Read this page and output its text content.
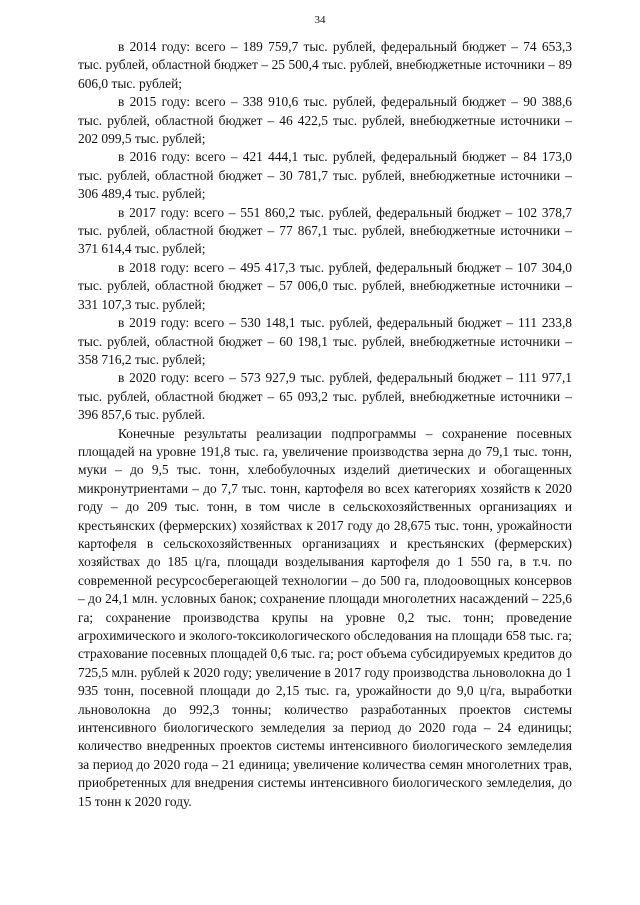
34

в 2014 году: всего – 189 759,7 тыс. рублей, федеральный бюджет – 74 653,3 тыс. рублей, областной бюджет – 25 500,4 тыс. рублей, внебюджетные источники – 89 606,0 тыс. рублей;

в 2015 году: всего – 338 910,6 тыс. рублей, федеральный бюджет – 90 388,6 тыс. рублей, областной бюджет – 46 422,5 тыс. рублей, внебюджетные источники – 202 099,5 тыс. рублей;

в 2016 году: всего – 421 444,1 тыс. рублей, федеральный бюджет – 84 173,0 тыс. рублей, областной бюджет – 30 781,7 тыс. рублей, внебюджетные источники – 306 489,4 тыс. рублей;

в 2017 году: всего – 551 860,2 тыс. рублей, федеральный бюджет – 102 378,7 тыс. рублей, областной бюджет – 77 867,1 тыс. рублей, внебюджетные источники – 371 614,4 тыс. рублей;

в 2018 году: всего – 495 417,3 тыс. рублей, федеральный бюджет – 107 304,0 тыс. рублей, областной бюджет – 57 006,0 тыс. рублей, внебюджетные источники – 331 107,3 тыс. рублей;

в 2019 году: всего – 530 148,1 тыс. рублей, федеральный бюджет – 111 233,8 тыс. рублей, областной бюджет – 60 198,1 тыс. рублей, внебюджетные источники – 358 716,2 тыс. рублей;

в 2020 году: всего – 573 927,9 тыс. рублей, федеральный бюджет – 111 977,1 тыс. рублей, областной бюджет – 65 093,2 тыс. рублей, внебюджетные источники – 396 857,6 тыс. рублей.

Конечные результаты реализации подпрограммы – сохранение посевных площадей на уровне 191,8 тыс. га, увеличение производства зерна до 79,1 тыс. тонн, муки – до 9,5 тыс. тонн, хлебобулочных изделий диетических и обогащенных микронутриентами – до 7,7 тыс. тонн, картофеля во всех категориях хозяйств к 2020 году – до 209 тыс. тонн, в том числе в сельскохозяйственных организациях и крестьянских (фермерских) хозяйствах к 2017 году до 28,675 тыс. тонн, урожайности картофеля в сельскохозяйственных организациях и крестьянских (фермерских) хозяйствах до 185 ц/га, площади возделывания картофеля до 1 550 га, в т.ч. по современной ресурсосберегающей технологии – до 500 га, плодоовощных консервов – до 24,1 млн. условных банок; сохранение площади многолетних насаждений – 225,6 га; сохранение производства крупы на уровне 0,2 тыс. тонн; проведение агрохимического и эколого-токсикологического обследования на площади 658 тыс. га; страхование посевных площадей 0,6 тыс. га; рост объема субсидируемых кредитов до 725,5 млн. рублей к 2020 году; увеличение в 2017 году производства льноволокна до 1 935 тонн, посевной площади до 2,15 тыс. га, урожайности до 9,0 ц/га, выработки льноволокна до 992,3 тонны; количество разработанных проектов системы интенсивного биологического земледелия за период до 2020 года – 24 единицы; количество внедренных проектов системы интенсивного биологического земледелия за период до 2020 года – 21 единица; увеличение количества семян многолетних трав, приобретенных для внедрения системы интенсивного биологического земледелия, до 15 тонн к 2020 году.
